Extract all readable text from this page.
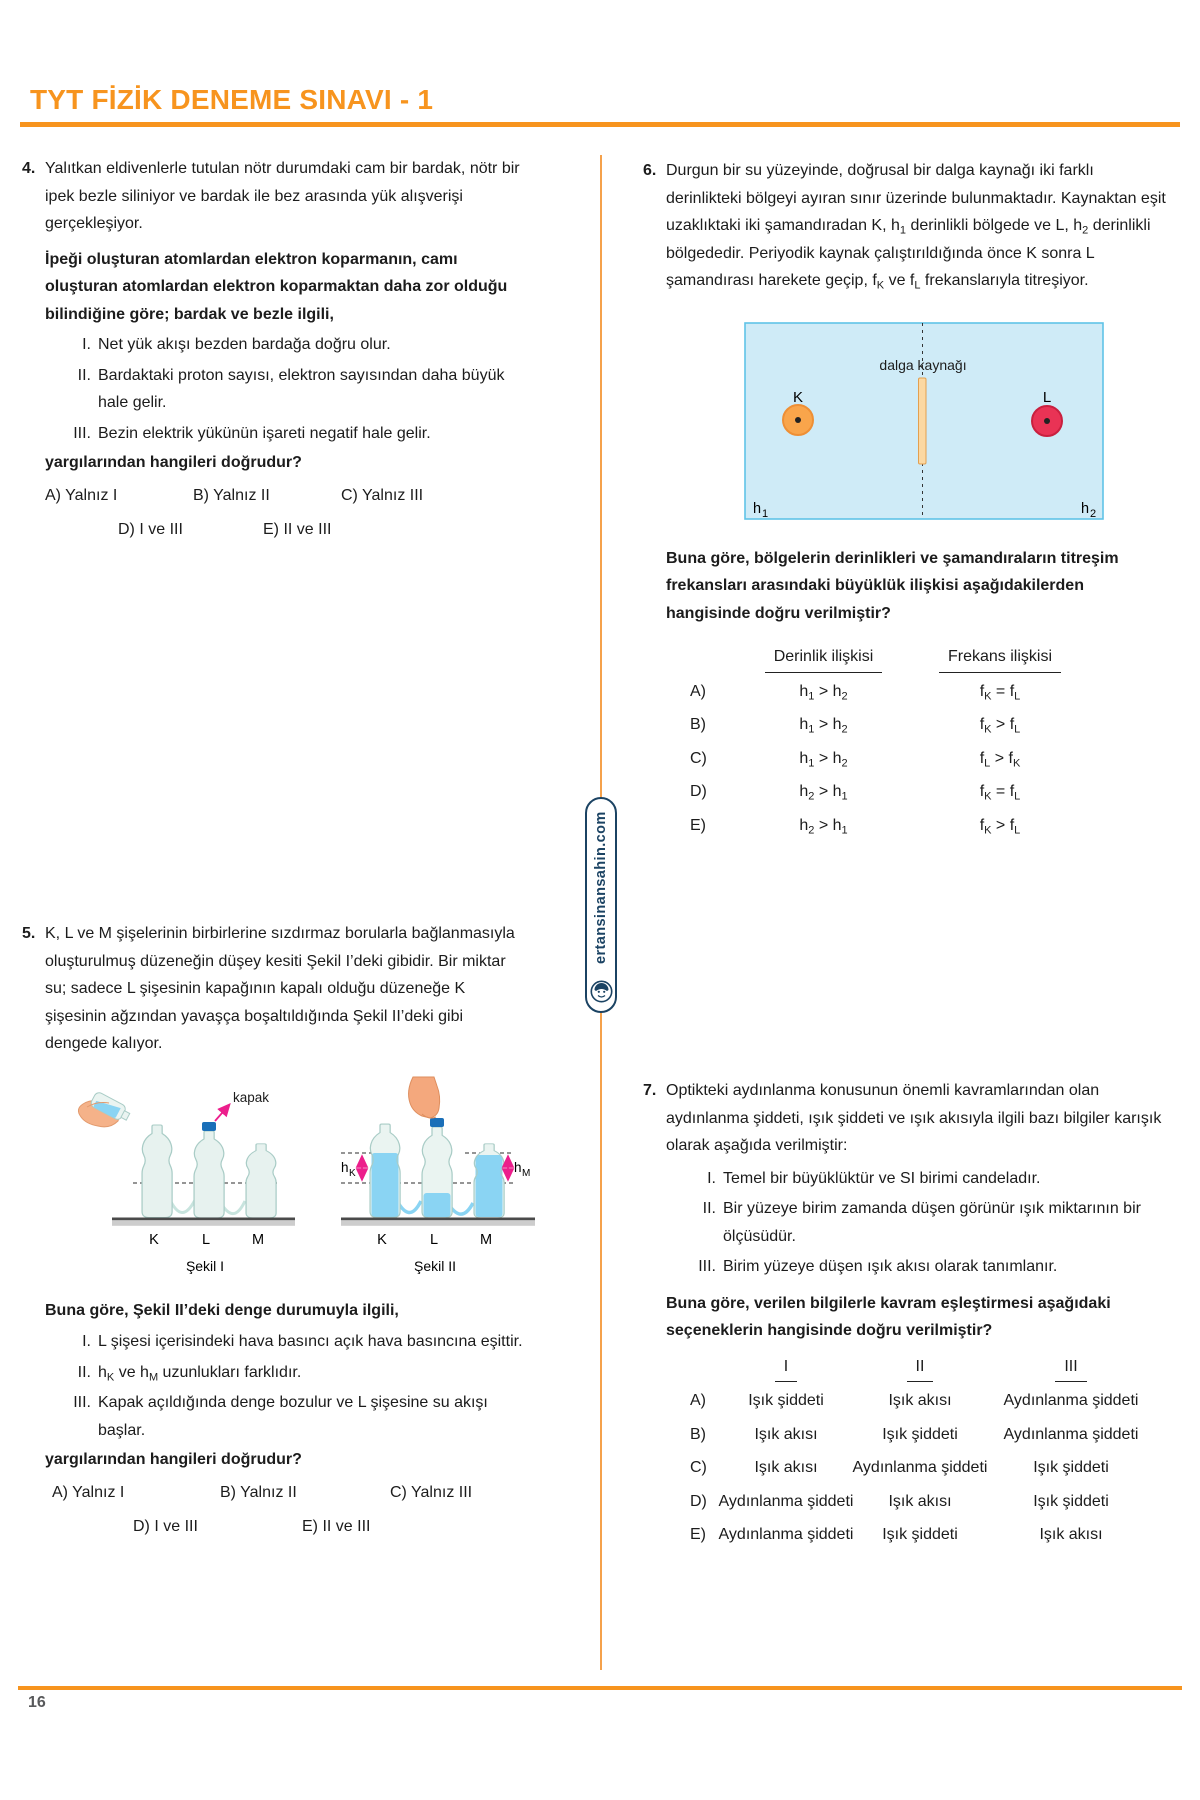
TYT FİZİK DENEME SINAVI - 1
4. Yalıtkan eldivenlerle tutulan nötr durumdaki cam bir bardak, nötr bir ipek bezle siliniyor ve bardak ile bez arasında yük alışverişi gerçekleşiyor.

İpeği oluşturan atomlardan elektron koparmanın, camı oluşturan atomlardan elektron koparmaktan daha zor olduğu bilindiğine göre; bardak ve bezle ilgili,

I. Net yük akışı bezden bardağa doğru olur.
II. Bardaktaki proton sayısı, elektron sayısından daha büyük hale gelir.
III. Bezin elektrik yükünün işareti negatif hale gelir.

yargılarından hangileri doğrudur?

A) Yalnız I	B) Yalnız II	C) Yalnız III
D) I ve III	E) II ve III
5. K, L ve M şişelerinin birbirlerine sızdırmaz borularla bağlanmasıyla oluşturulmuş düzeneğin düşey kesiti Şekil I’deki gibidir. Bir miktar su; sadece L şişesinin kapağının kapalı olduğu düzeneğe K şişesinin ağzından yavaşça boşaltıldığında Şekil II’deki gibi dengede kalıyor.

kapak
K	L	M
Şekil I
h K	h M
K	L	M
Şekil II

Buna göre, Şekil II’deki denge durumuyla ilgili,

I. L şişesi içerisindeki hava basıncı açık hava basıncına eşittir.
II. $h_K$ ve $h_M$ uzunlukları farklıdır.
III. Kapak açıldığında denge bozulur ve L şişesine su akışı başlar.

yargılarından hangileri doğrudur?

A) Yalnız I	B) Yalnız II	C) Yalnız III
D) I ve III	E) II ve III
6. Durgun bir su yüzeyinde, doğrusal bir dalga kaynağı iki farklı derinlikteki bölgeyi ayıran sınır üzerinde bulunmaktadır. Kaynaktan eşit uzaklıktaki iki şamandıradan K, $h_1$ derinlikli bölgede ve L, $h_2$ derinlikli bölgededir. Periyodik kaynak çalıştırıldığında önce K sonra L şamandırası harekete geçip, $f_K$ ve $f_L$ frekanslarıyla titreşiyor.

dalga kaynağı
K	L
h 1	h 2

Buna göre, bölgelerin derinlikleri ve şamandıraların titreşim frekansları arasındaki büyüklük ilişkisi aşağıdakilerden hangisinde doğru verilmiştir?

Derinlik ilişkisi	Frekans ilişkisi
A)	$h_1 > h_2$	$f_K = f_L$
B)	$h_1 > h_2$	$f_K > f_L$
C)	$h_1 > h_2$	$f_L > f_K$
D)	$h_2 > h_1$	$f_K = f_L$
E)	$h_2 > h_1$	$f_K > f_L$
7. Optikteki aydınlanma konusunun önemli kavramlarından olan aydınlanma şiddeti, ışık şiddeti ve ışık akısıyla ilgili bazı bilgiler karışık olarak aşağıda verilmiştir:

I. Temel bir büyüklüktür ve SI birimi candeladır.
II. Bir yüzeye birim zamanda düşen görünür ışık miktarının bir ölçüsüdür.
III. Birim yüzeye düşen ışık akısı olarak tanımlanır.

Buna göre, verilen bilgilerle kavram eşleştirmesi aşağıdaki seçeneklerin hangisinde doğru verilmiştir?

I	II	III
A)	Işık şiddeti	Işık akısı	Aydınlanma şiddeti
B)	Işık akısı	Işık şiddeti	Aydınlanma şiddeti
C)	Işık akısı	Aydınlanma şiddeti	Işık şiddeti
D) Aydınlanma şiddeti	Işık akısı	Işık şiddeti
E) Aydınlanma şiddeti	Işık şiddeti	Işık akısı
ertansinansahin.com
16
